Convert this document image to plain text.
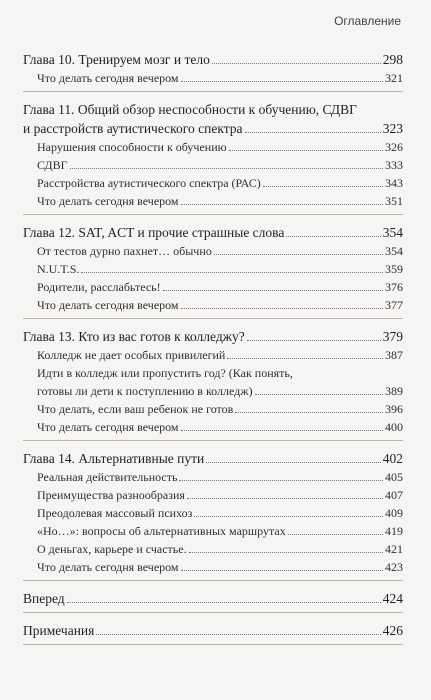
Оглавление
Глава 10. Тренируем мозг и тело	298
Что делать сегодня вечером	321
Глава 11. Общий обзор неспособности к обучению, СДВГ
и расстройств аутистического спектра	323
Нарушения способности к обучению	326
СДВГ	333
Расстройства аутистического спектра (РАС)	343
Что делать сегодня вечером	351
Глава 12. SAT, ACT и прочие страшные слова	354
От тестов дурно пахнет… обычно	354
N.U.T.S.	359
Родители, расслабьтесь!	376
Что делать сегодня вечером	377
Глава 13. Кто из вас готов к колледжу?	379
Колледж не дает особых привилегий	387
Идти в колледж или пропустить год? (Как понять,
готовы ли дети к поступлению в колледж)	389
Что делать, если ваш ребенок не готов	396
Что делать сегодня вечером	400
Глава 14. Альтернативные пути	402
Реальная действительность	405
Преимущества разнообразия	407
Преодолевая массовый психоз	409
«Но…»: вопросы об альтернативных маршрутах	419
О деньгах, карьере и счастье.	421
Что делать сегодня вечером	423
Вперед	424
Примечания	426
